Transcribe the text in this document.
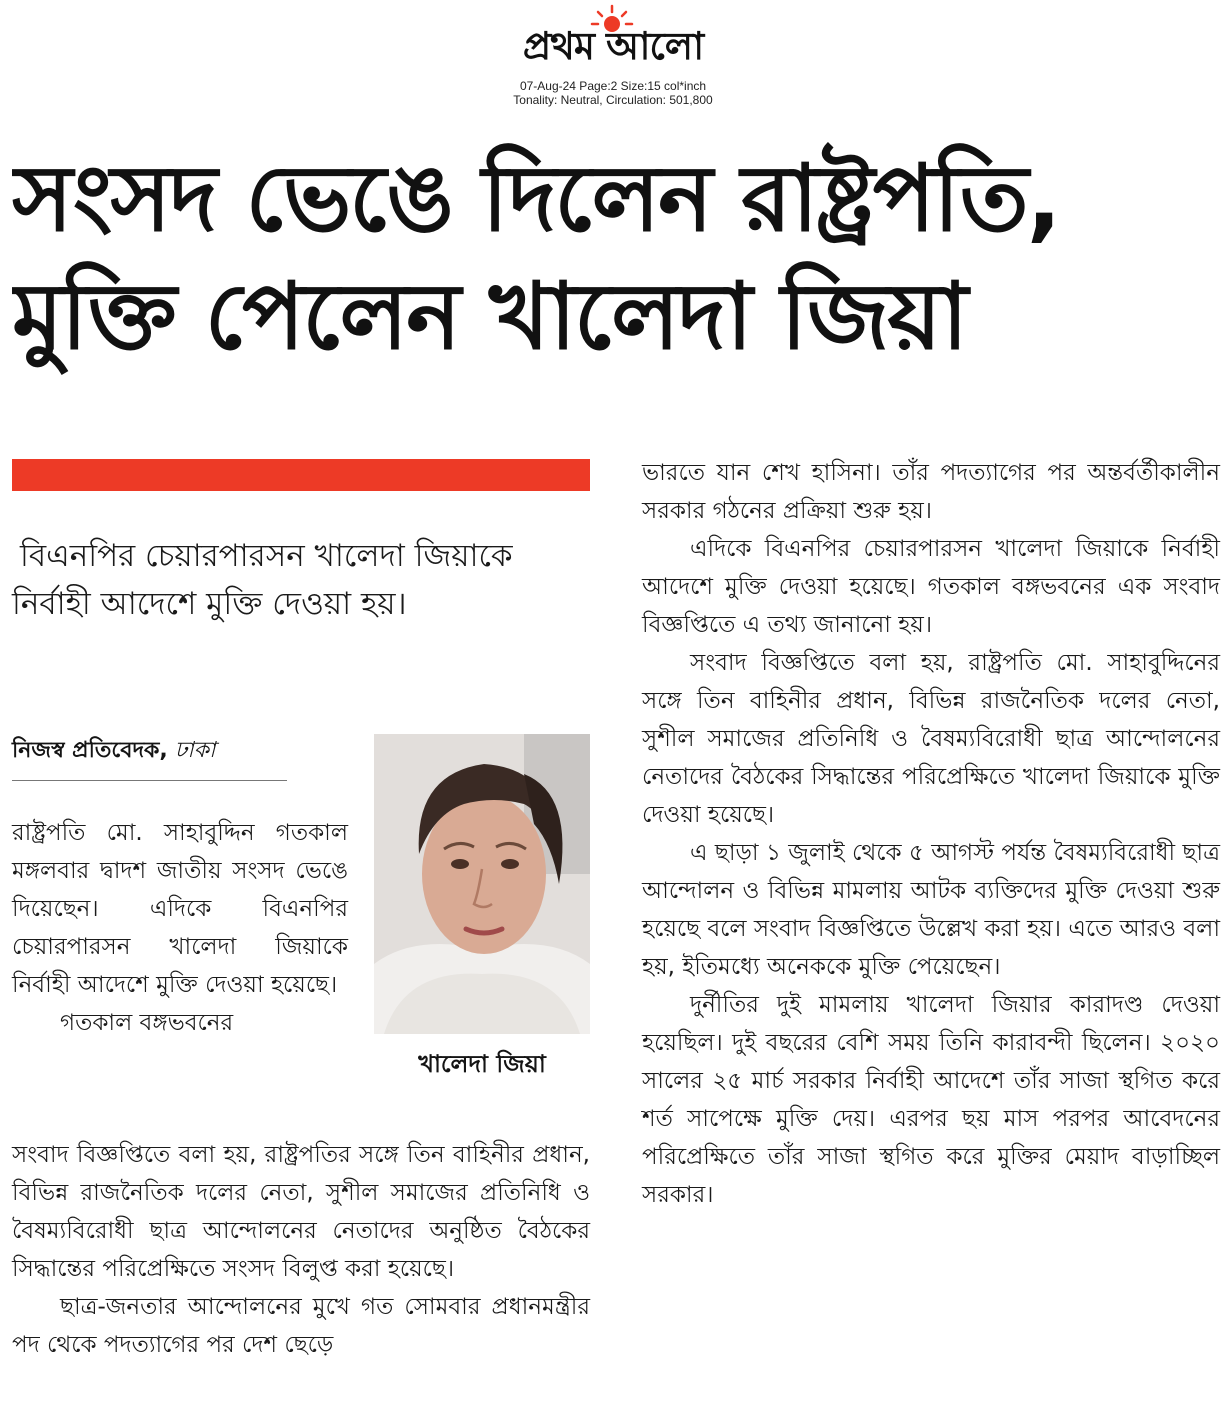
প্রথম আলো
07-Aug-24 Page:2 Size:15 col*inch
Tonality: Neutral, Circulation: 501,800
সংসদ ভেঙে দিলেন রাষ্ট্রপতি,
মুক্তি পেলেন খালেদা জিয়া

বিএনপির চেয়ারপারসন খালেদা জিয়াকে নির্বাহী আদেশে মুক্তি দেওয়া হয়।

নিজস্ব প্রতিবেদক, ঢাকা
খালেদা জিয়া

রাষ্ট্রপতি মো. সাহাবুদ্দিন গতকাল মঙ্গলবার দ্বাদশ জাতীয় সংসদ ভেঙে দিয়েছেন। এদিকে বিএনপির চেয়ারপারসন খালেদা জিয়াকে নির্বাহী আদেশে মুক্তি দেওয়া হয়েছে।

গতকাল বঙ্গভবনের

সংবাদ বিজ্ঞপ্তিতে বলা হয়, রাষ্ট্রপতির সঙ্গে তিন বাহিনীর প্রধান, বিভিন্ন রাজনৈতিক দলের নেতা, সুশীল সমাজের প্রতিনিধি ও বৈষম্যবিরোধী ছাত্র আন্দোলনের নেতাদের অনুষ্ঠিত বৈঠকের সিদ্ধান্তের পরিপ্রেক্ষিতে সংসদ বিলুপ্ত করা হয়েছে।

ছাত্র-জনতার আন্দোলনের মুখে গত সোমবার প্রধানমন্ত্রীর পদ থেকে পদত্যাগের পর দেশ ছেড়ে

ভারতে যান শেখ হাসিনা। তাঁর পদত্যাগের পর অন্তর্বর্তীকালীন সরকার গঠনের প্রক্রিয়া শুরু হয়।

এদিকে বিএনপির চেয়ারপারসন খালেদা জিয়াকে নির্বাহী আদেশে মুক্তি দেওয়া হয়েছে। গতকাল বঙ্গভবনের এক সংবাদ বিজ্ঞপ্তিতে এ তথ্য জানানো হয়।

সংবাদ বিজ্ঞপ্তিতে বলা হয়, রাষ্ট্রপতি মো. সাহাবুদ্দিনের সঙ্গে তিন বাহিনীর প্রধান, বিভিন্ন রাজনৈতিক দলের নেতা, সুশীল সমাজের প্রতিনিধি ও বৈষম্যবিরোধী ছাত্র আন্দোলনের নেতাদের বৈঠকের সিদ্ধান্তের পরিপ্রেক্ষিতে খালেদা জিয়াকে মুক্তি দেওয়া হয়েছে।

এ ছাড়া ১ জুলাই থেকে ৫ আগস্ট পর্যন্ত বৈষম্যবিরোধী ছাত্র আন্দোলন ও বিভিন্ন মামলায় আটক ব্যক্তিদের মুক্তি দেওয়া শুরু হয়েছে বলে সংবাদ বিজ্ঞপ্তিতে উল্লেখ করা হয়। এতে আরও বলা হয়, ইতিমধ্যে অনেককে মুক্তি পেয়েছেন।

দুর্নীতির দুই মামলায় খালেদা জিয়ার কারাদণ্ড দেওয়া হয়েছিল। দুই বছরের বেশি সময় তিনি কারাবন্দী ছিলেন। ২০২০ সালের ২৫ মার্চ সরকার নির্বাহী আদেশে তাঁর সাজা স্থগিত করে শর্ত সাপেক্ষে মুক্তি দেয়। এরপর ছয় মাস পরপর আবেদনের পরিপ্রেক্ষিতে তাঁর সাজা স্থগিত করে মুক্তির মেয়াদ বাড়াচ্ছিল সরকার।
